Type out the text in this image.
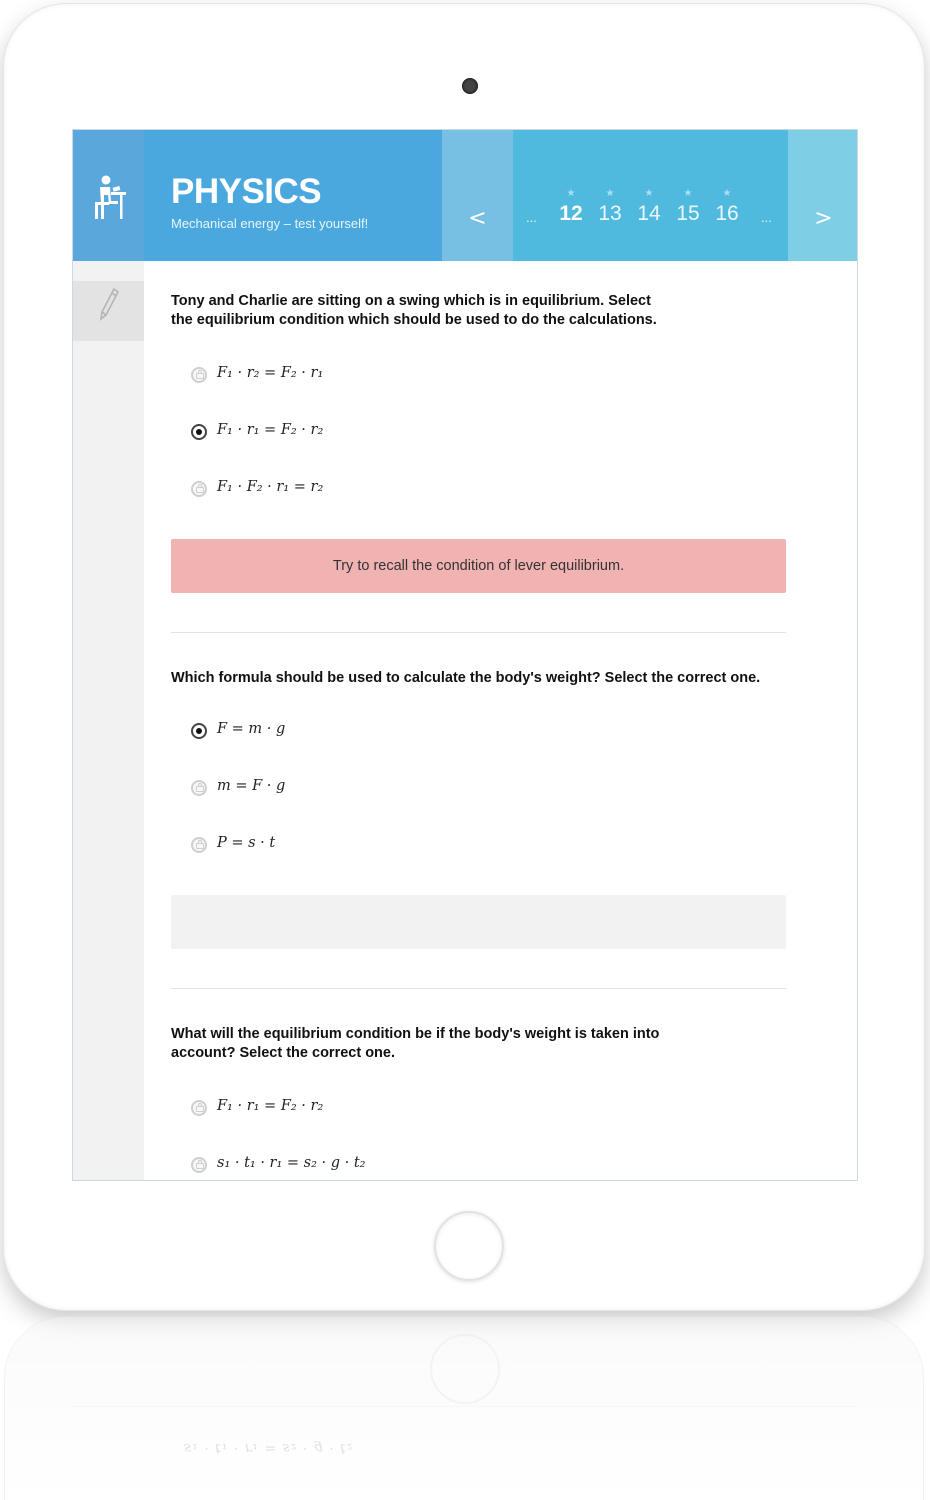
s₁ · t₁ · r₁ = s₂ · g · t₂
PHYSICS
Mechanical energy – test yourself!	<	...
★
12
★
13
★
14
★
15
★
16 ...	>
Tony and Charlie are sitting on a swing which is in equilibrium. Select
the equilibrium condition which should be used to do the calculations.
F₁ · r₂ = F₂ · r₁
F₁ · r₁ = F₂ · r₂
F₁ · F₂ · r₁ = r₂
Try to recall the condition of lever equilibrium.
Which formula should be used to calculate the body's weight? Select the correct one.
F = m · g
m = F · g
P = s · t
What will the equilibrium condition be if the body's weight is taken into
account? Select the correct one.
F₁ · r₁ = F₂ · r₂
s₁ · t₁ · r₁ = s₂ · g · t₂
